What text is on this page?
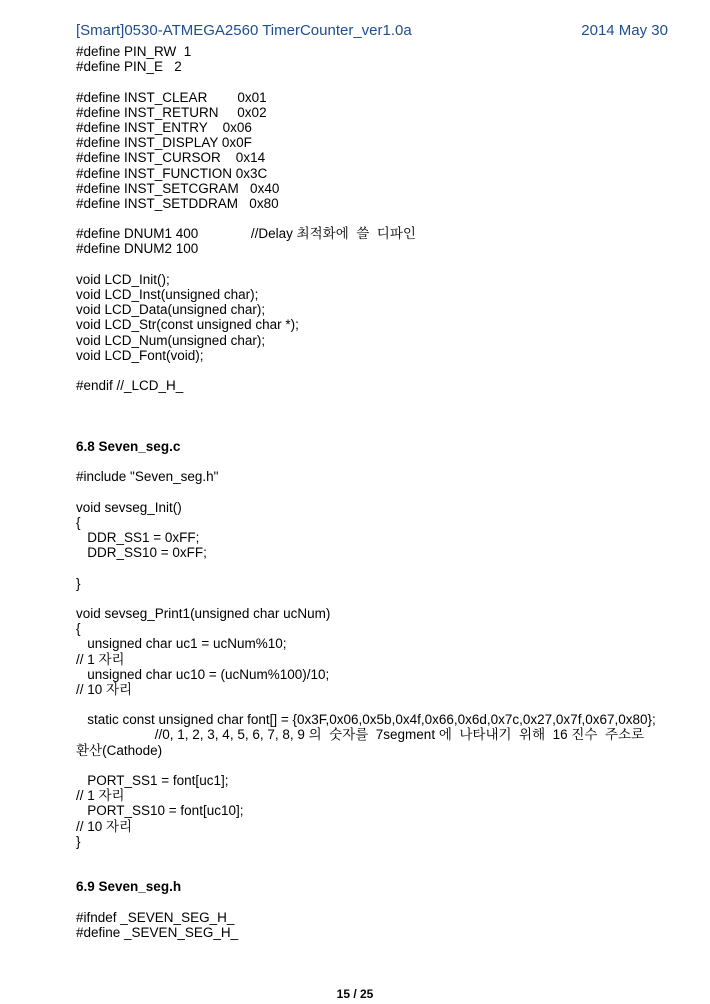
[Smart]0530-ATMEGA2560 TimerCounter_ver1.0a	2014 May 30
#define PIN_RW  1
#define PIN_E   2
#define INST_CLEAR        0x01
#define INST_RETURN     0x02
#define INST_ENTRY    0x06
#define INST_DISPLAY 0x0F
#define INST_CURSOR    0x14
#define INST_FUNCTION 0x3C
#define INST_SETCGRAM   0x40
#define INST_SETDDRAM   0x80
#define DNUM1 400              //Delay 최적화에  쓸  디파인
#define DNUM2 100
void LCD_Init();
void LCD_Inst(unsigned char);
void LCD_Data(unsigned char);
void LCD_Str(const unsigned char *);
void LCD_Num(unsigned char);
void LCD_Font(void);
#endif //_LCD_H_
6.8 Seven_seg.c
#include "Seven_seg.h"
void sevseg_Init()
{
DDR_SS1 = 0xFF;
DDR_SS10 = 0xFF;
}
void sevseg_Print1(unsigned char ucNum)
{
unsigned char uc1 = ucNum%10;
// 1 자리
unsigned char uc10 = (ucNum%100)/10;
// 10 자리
static const unsigned char font[] = {0x3F,0x06,0x5b,0x4f,0x66,0x6d,0x7c,0x27,0x7f,0x67,0x80};
//0, 1, 2, 3, 4, 5, 6, 7, 8, 9 의  숫자를  7segment 에  나타내기  위해  16 진수  주소로
환산(Cathode)
PORT_SS1 = font[uc1];
// 1 자리
PORT_SS10 = font[uc10];
// 10 자리
}
6.9 Seven_seg.h
#ifndef _SEVEN_SEG_H_
#define _SEVEN_SEG_H_
15 / 25
